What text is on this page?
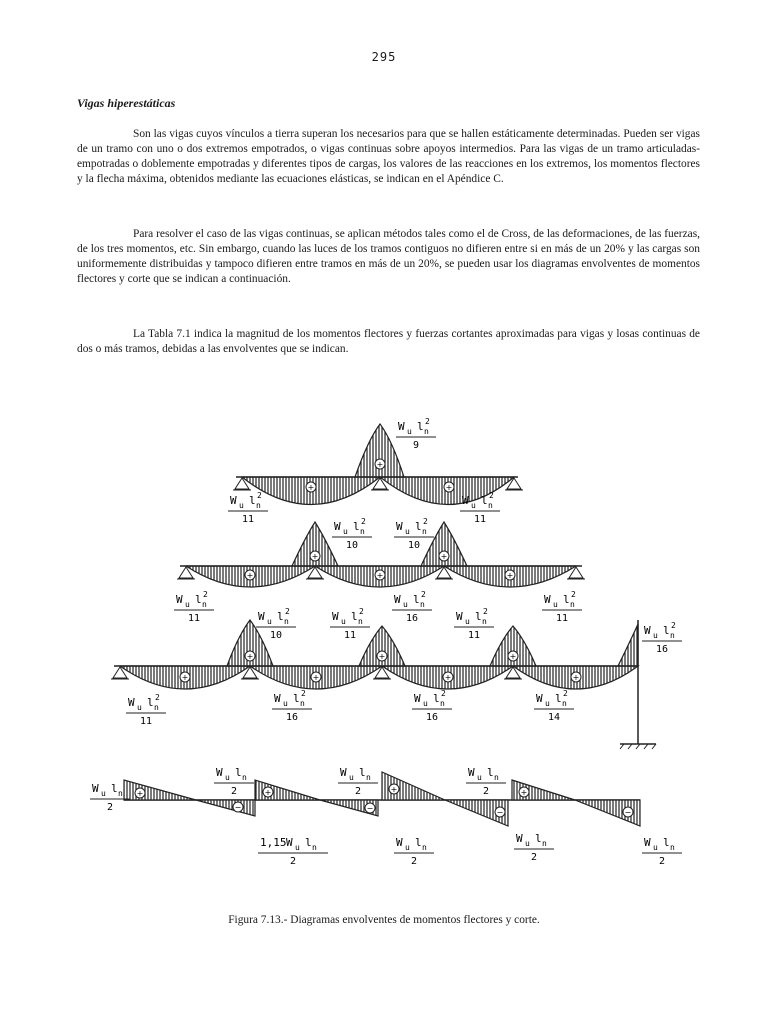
295
Vigas hiperestáticas
Son las vigas cuyos vínculos a tierra superan los necesarios para que se hallen estáticamente determinadas. Pueden ser vigas de un tramo con uno o dos extremos empotrados, o vigas continuas sobre apoyos intermedios. Para las vigas de un tramo articuladas-empotradas o doblemente empotradas y diferentes tipos de cargas, los valores de las reacciones en los extremos, los momentos flectores y la flecha máxima, obtenidos mediante las ecuaciones elásticas, se indican en el Apéndice C.
Para resolver el caso de las vigas continuas, se aplican métodos tales como el de Cross, de las deformaciones, de las fuerzas, de los tres momentos, etc. Sin embargo, cuando las luces de los tramos contiguos no difieren entre si en más de un 20% y las cargas son uniformemente distribuidas y tampoco difieren entre tramos en más de un 20%, se pueden usar los diagramas envolventes de momentos flectores y corte que se indican a continuación.
La Tabla 7.1 indica la magnitud de los momentos flectores y fuerzas cortantes aproximadas para vigas y losas continuas de dos o más tramos, debidas a las envolventes que se indican.
+
+	+
+	+
+	+	+
+	+	+
+	+	+	+
+
−
+
−
+
−
+
−
W u l n
2
9
W u l n
2
11
W u l n
2
11
W u l n
2
10
W u l n
2
10
W u l n
2
11
W u l n
2
16
W u l n
2
11
W u l n
2
10
W u l n
2
11
W u l n
2
11	W u l n
2
16
W u l n
2
11
W u l n
2
16
W u l n
2
16
W u l n
2
14
W u l n
2
W u l n
2
W u l n
2
W u l n
2
1,15 W u l n
2
W u l n
2
W u l n
2
W u l n
2
Figura 7.13.- Diagramas envolventes de momentos flectores y corte.
